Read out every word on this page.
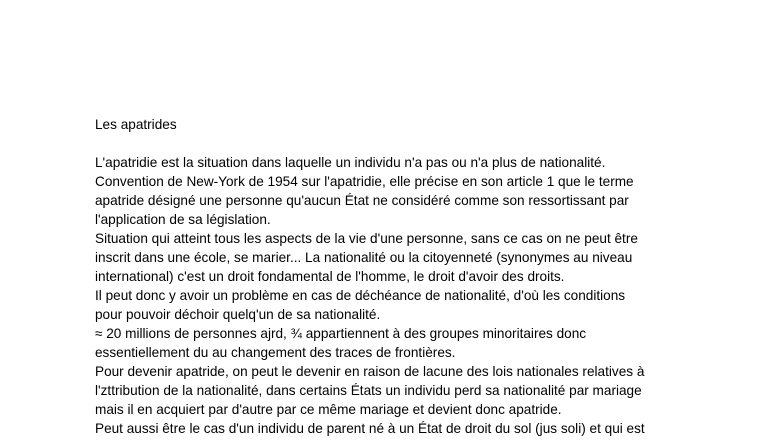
Les apatrides
L'apatridie est la situation dans laquelle un individu n'a pas ou n'a plus de nationalité.
Convention de New-York de 1954 sur l'apatridie, elle précise en son article 1 que le terme
apatride désigné une personne qu'aucun État ne considéré comme son ressortissant par
l'application de sa législation.
Situation qui atteint tous les aspects de la vie d'une personne, sans ce cas on ne peut être
inscrit dans une école, se marier... La nationalité ou la citoyenneté (synonymes au niveau
international) c'est un droit fondamental de l'homme, le droit d'avoir des droits.
Il peut donc y avoir un problème en cas de déchéance de nationalité, d'où les conditions
pour pouvoir déchoir quelq'un de sa nationalité.
≈ 20 millions de personnes ajrd, ¾ appartiennent à des groupes minoritaires donc
essentiellement du au changement des traces de frontières.
Pour devenir apatride, on peut le devenir en raison de lacune des lois nationales relatives à
l'zttribution de la nationalité, dans certains États un individu perd sa nationalité par mariage
mais il en acquiert par d'autre par ce même mariage et devient donc apatride.
Peut aussi être le cas d'un individu de parent né à un État de droit du sol (jus soli) et qui est
